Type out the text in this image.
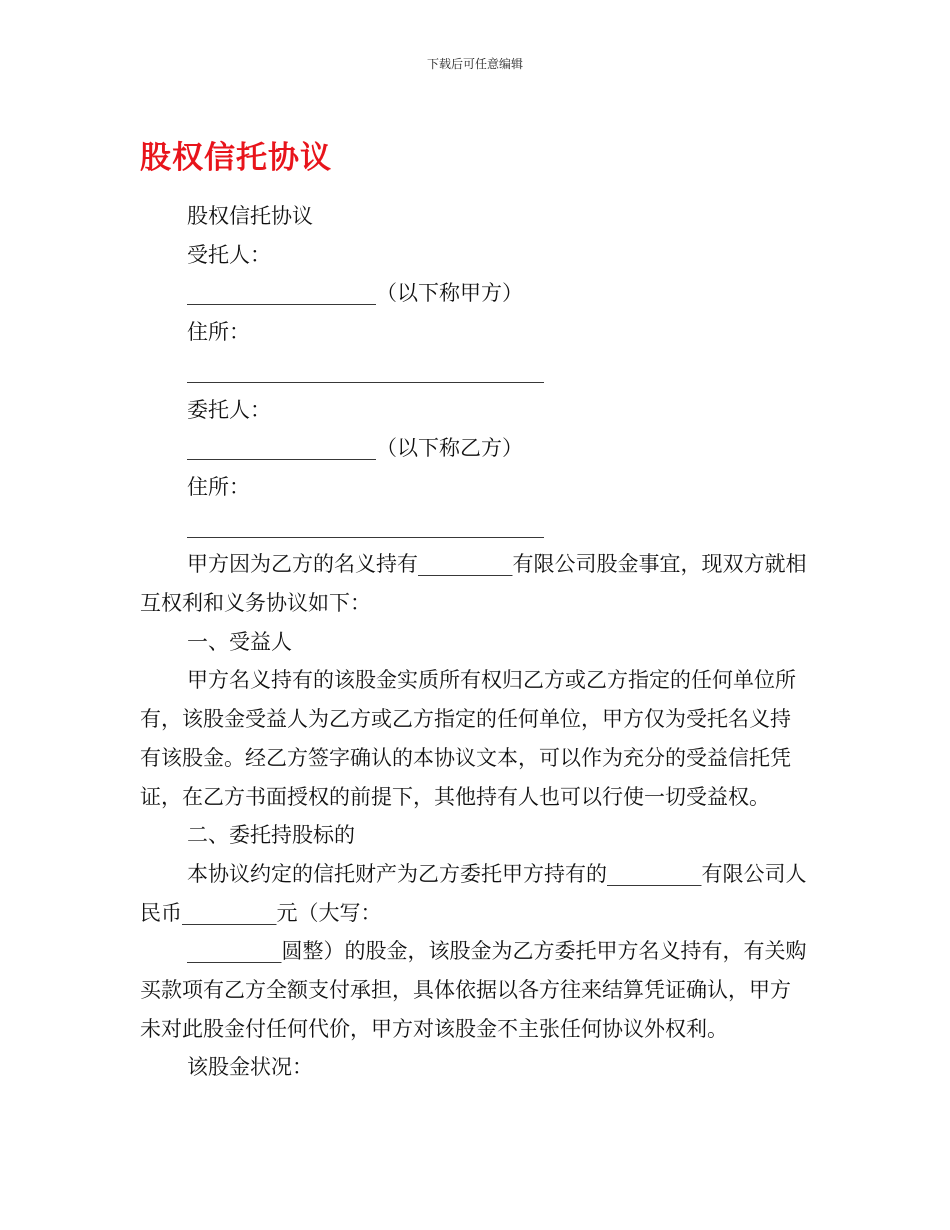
下载后可任意编辑
股权信托协议

股权信托协议

受托人：

__________________（以下称甲方）

住所：

__________________________________

委托人：

__________________（以下称乙方）

住所：

__________________________________

甲方因为乙方的名义持有_________有限公司股金事宜，现双方就相互权利和义务协议如下：

一、受益人

甲方名义持有的该股金实质所有权归乙方或乙方指定的任何单位所有，该股金受益人为乙方或乙方指定的任何单位，甲方仅为受托名义持有该股金。经乙方签字确认的本协议文本，可以作为充分的受益信托凭证，在乙方书面授权的前提下，其他持有人也可以行使一切受益权。

二、委托持股标的

本协议约定的信托财产为乙方委托甲方持有的_________有限公司人民币_________元（大写：

_________圆整）的股金，该股金为乙方委托甲方名义持有，有关购买款项有乙方全额支付承担，具体依据以各方往来结算凭证确认，甲方未对此股金付任何代价，甲方对该股金不主张任何协议外权利。

该股金状况：
